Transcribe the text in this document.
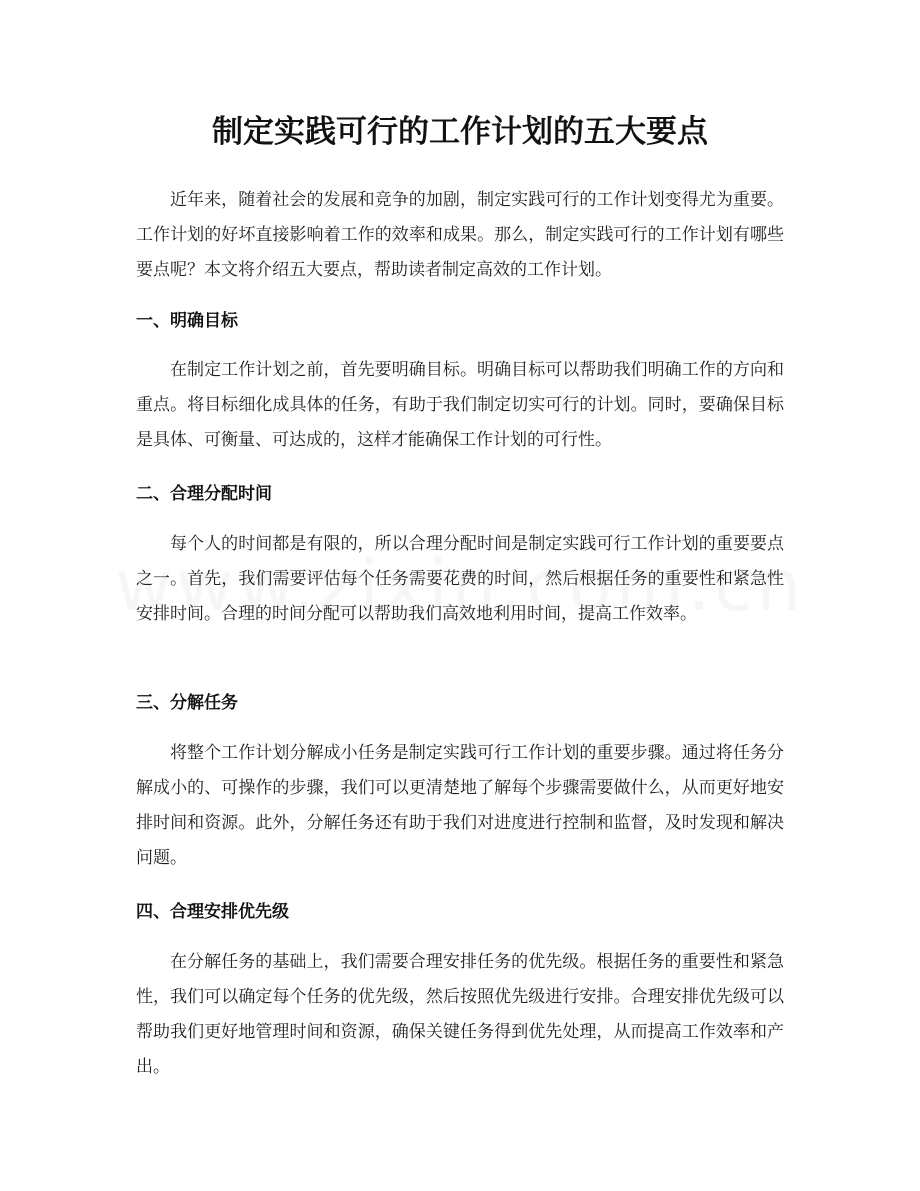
制定实践可行的工作计划的五大要点

近年来，随着社会的发展和竞争的加剧，制定实践可行的工作计划变得尤为重要。工作计划的好坏直接影响着工作的效率和成果。那么，制定实践可行的工作计划有哪些要点呢？本文将介绍五大要点，帮助读者制定高效的工作计划。

一、明确目标

在制定工作计划之前，首先要明确目标。明确目标可以帮助我们明确工作的方向和重点。将目标细化成具体的任务，有助于我们制定切实可行的计划。同时，要确保目标是具体、可衡量、可达成的，这样才能确保工作计划的可行性。

二、合理分配时间

每个人的时间都是有限的，所以合理分配时间是制定实践可行工作计划的重要要点之一。首先，我们需要评估每个任务需要花费的时间，然后根据任务的重要性和紧急性安排时间。合理的时间分配可以帮助我们高效地利用时间，提高工作效率。

三、分解任务

将整个工作计划分解成小任务是制定实践可行工作计划的重要步骤。通过将任务分解成小的、可操作的步骤，我们可以更清楚地了解每个步骤需要做什么，从而更好地安排时间和资源。此外，分解任务还有助于我们对进度进行控制和监督，及时发现和解决问题。

四、合理安排优先级

在分解任务的基础上，我们需要合理安排任务的优先级。根据任务的重要性和紧急性，我们可以确定每个任务的优先级，然后按照优先级进行安排。合理安排优先级可以帮助我们更好地管理时间和资源，确保关键任务得到优先处理，从而提高工作效率和产出。
